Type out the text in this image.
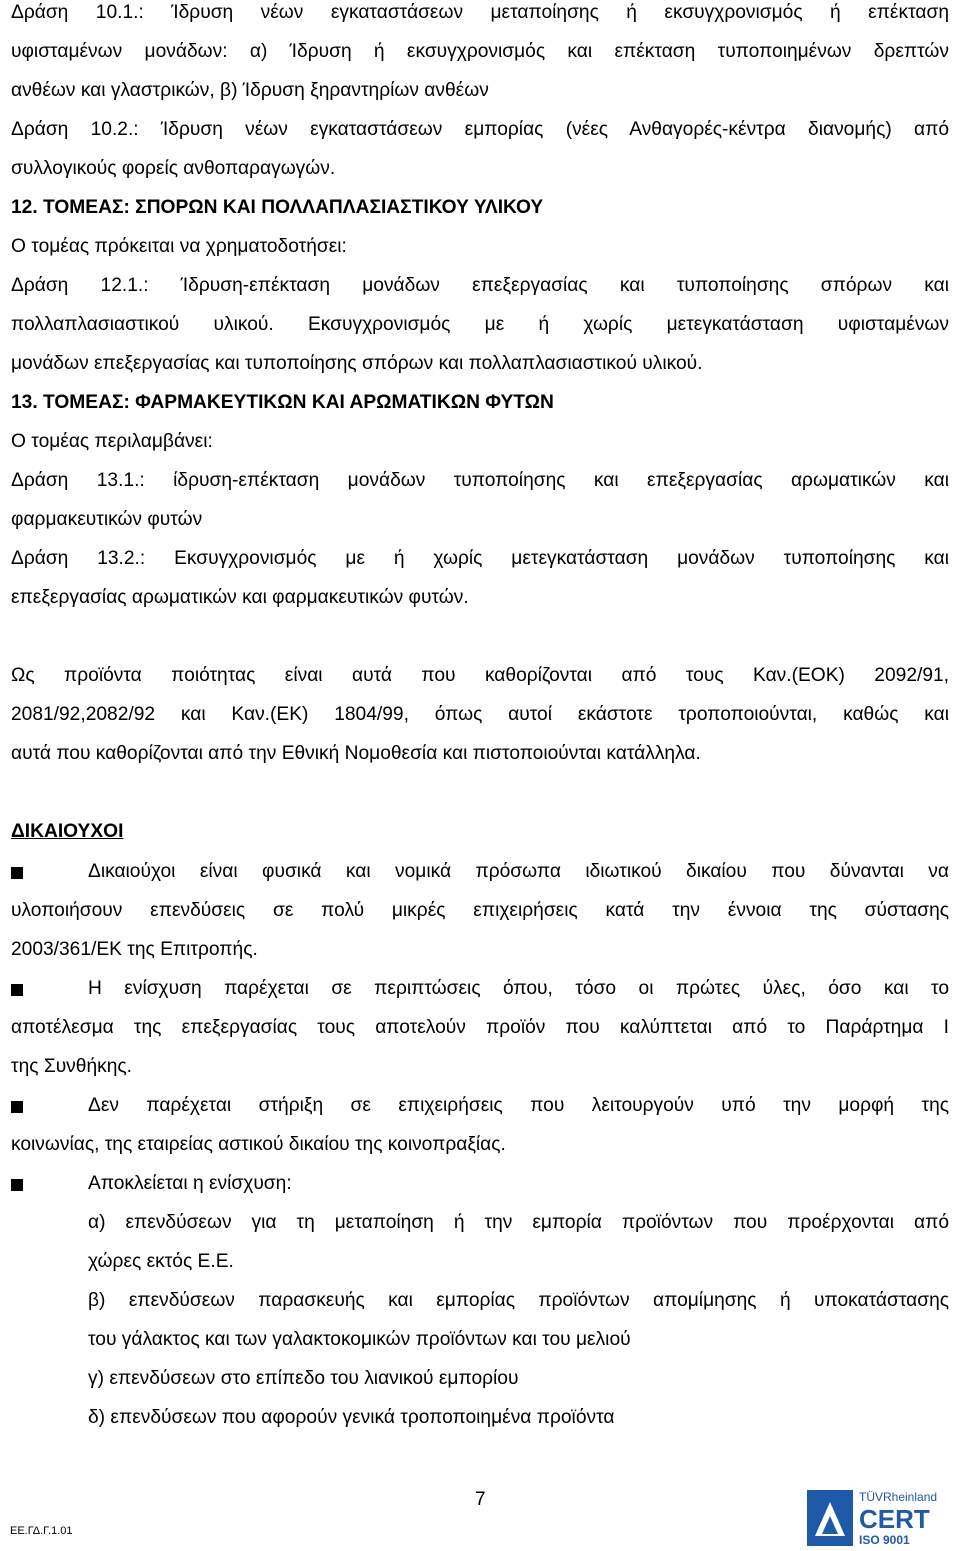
Δράση 10.1.: Ίδρυση νέων εγκαταστάσεων μεταποίησης ή εκσυγχρονισμός ή επέκταση
υφισταμένων μονάδων: α) Ίδρυση ή εκσυγχρονισμός και επέκταση τυποποιημένων δρεπτών
ανθέων και γλαστρικών, β) Ίδρυση ξηραντηρίων ανθέων
Δράση 10.2.: Ίδρυση νέων εγκαταστάσεων εμπορίας (νέες Ανθαγορές-κέντρα διανομής) από
συλλογικούς φορείς ανθοπαραγωγών.
12. ΤΟΜΕΑΣ: ΣΠΟΡΩΝ ΚΑΙ ΠΟΛΛΑΠΛΑΣΙΑΣΤΙΚΟΥ ΥΛΙΚΟΥ
Ο τομέας πρόκειται να χρηματοδοτήσει:
Δράση 12.1.: Ίδρυση-επέκταση μονάδων επεξεργασίας και τυποποίησης σπόρων και
πολλαπλασιαστικού υλικού. Εκσυγχρονισμός με ή χωρίς μετεγκατάσταση υφισταμένων
μονάδων επεξεργασίας και τυποποίησης σπόρων και πολλαπλασιαστικού υλικού.
13. ΤΟΜΕΑΣ: ΦΑΡΜΑΚΕΥΤΙΚΩΝ ΚΑΙ ΑΡΩΜΑΤΙΚΩΝ ΦΥΤΩΝ
Ο τομέας περιλαμβάνει:
Δράση 13.1.: ίδρυση-επέκταση μονάδων τυποποίησης και επεξεργασίας αρωματικών και
φαρμακευτικών φυτών
Δράση 13.2.: Εκσυγχρονισμός με ή χωρίς μετεγκατάσταση μονάδων τυποποίησης και
επεξεργασίας αρωματικών και φαρμακευτικών φυτών.
Ως προϊόντα ποιότητας είναι αυτά που καθορίζονται από τους Καν.(ΕΟΚ) 2092/91,
2081/92,2082/92 και Καν.(ΕΚ) 1804/99, όπως αυτοί εκάστοτε τροποποιούνται, καθώς και
αυτά που καθορίζονται από την Εθνική Νομοθεσία και πιστοποιούνται κατάλληλα.
ΔΙΚΑΙΟΥΧΟΙ
Δικαιούχοι είναι φυσικά και νομικά πρόσωπα ιδιωτικού δικαίου που δύνανται να
υλοποιήσουν επενδύσεις σε πολύ μικρές επιχειρήσεις κατά την έννοια της σύστασης
2003/361/ΕΚ της Επιτροπής.
Η ενίσχυση παρέχεται σε περιπτώσεις όπου, τόσο οι πρώτες ύλες, όσο και το
αποτέλεσμα της επεξεργασίας τους αποτελούν προϊόν που καλύπτεται από το Παράρτημα Ι
της Συνθήκης.
Δεν παρέχεται στήριξη σε επιχειρήσεις που λειτουργούν υπό την μορφή της
κοινωνίας, της εταιρείας αστικού δικαίου της κοινοπραξίας.
Αποκλείεται η ενίσχυση:
α) επενδύσεων για τη μεταποίηση ή την εμπορία προϊόντων που προέρχονται από
χώρες εκτός Ε.Ε.
β) επενδύσεων παρασκευής και εμπορίας προϊόντων απομίμησης ή υποκατάστασης
του γάλακτος και των γαλακτοκομικών προϊόντων και του μελιού
γ) επενδύσεων στο επίπεδο του λιανικού εμπορίου
δ) επενδύσεων που αφορούν γενικά τροποποιημένα προϊόντα
ΕΕ.ΓΔ.Γ.1.01
7	TÜVRheinland
CERT
ISO 9001
